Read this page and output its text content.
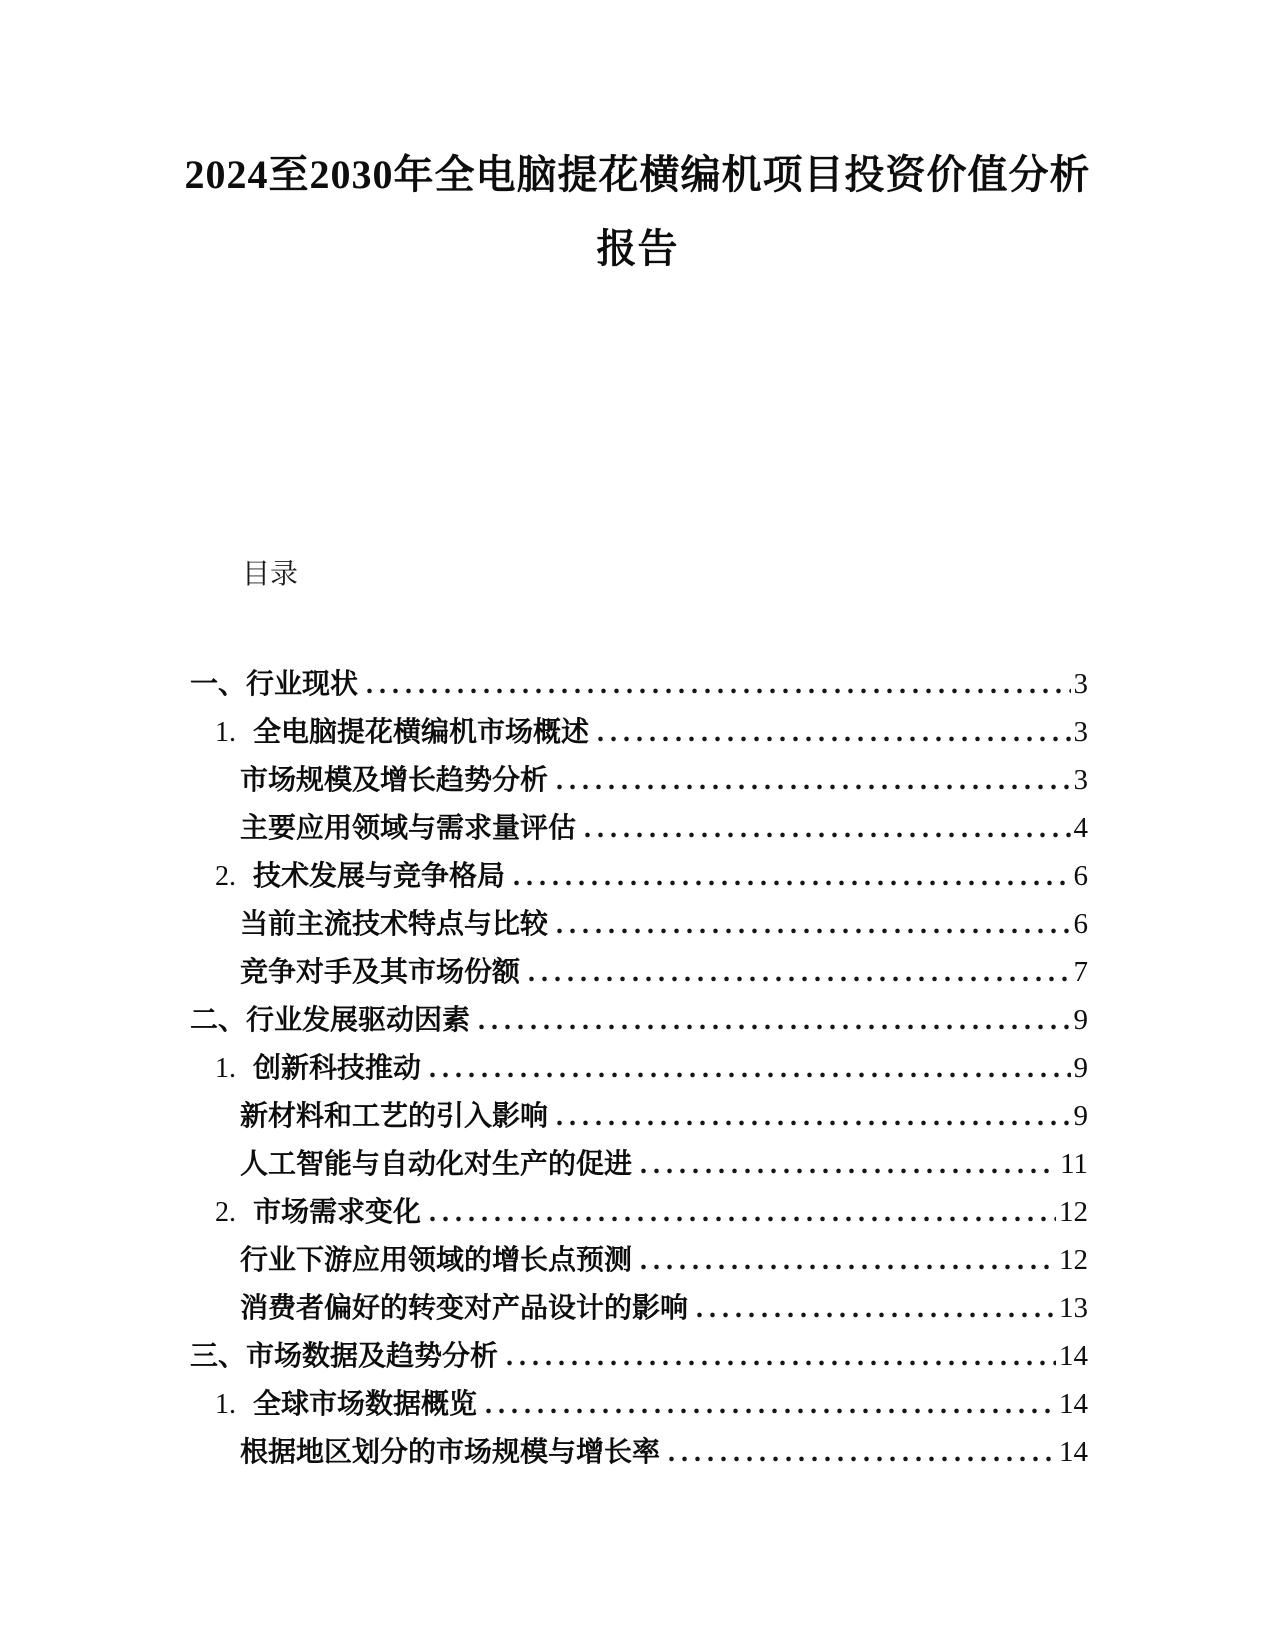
2024至2030年全电脑提花横编机项目投资价值分析
报告
目录
一、行业现状 .....	3
1. 全电脑提花横编机市场概述 .....	3
市场规模及增长趋势分析 .....	3
主要应用领域与需求量评估 .....	4
2. 技术发展与竞争格局 .....	6
当前主流技术特点与比较 .....	6
竞争对手及其市场份额 .....	7
二、行业发展驱动因素 .....	9
1. 创新科技推动 .....	9
新材料和工艺的引入影响 .....	9
人工智能与自动化对生产的促进 .....	11
2. 市场需求变化 .....	12
行业下游应用领域的增长点预测 .....	12
消费者偏好的转变对产品设计的影响 .....	13
三、市场数据及趋势分析 .....	14
1. 全球市场数据概览 .....	14
根据地区划分的市场规模与增长率 .....	14
